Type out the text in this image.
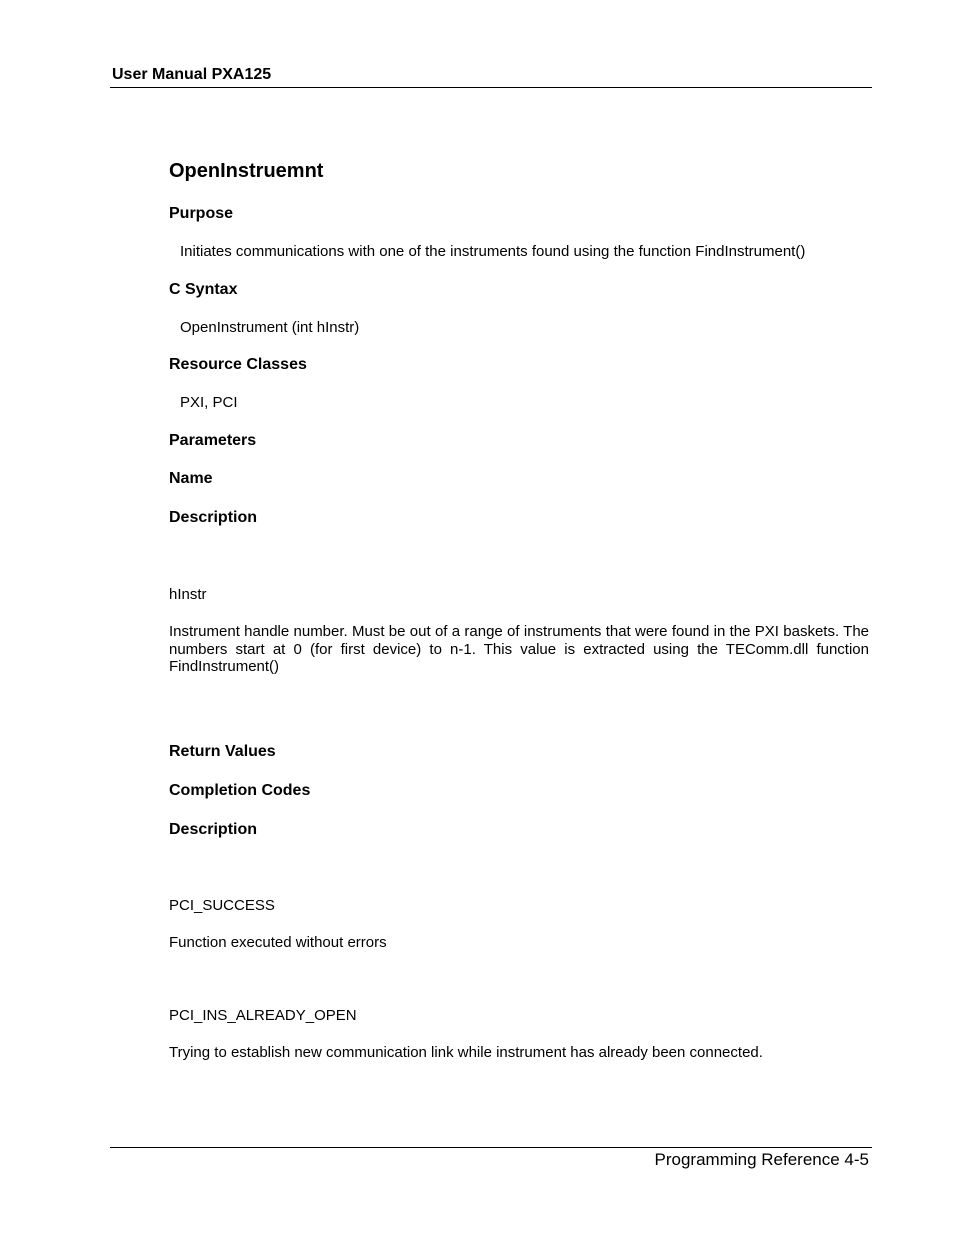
User Manual PXA125
OpenInstruemnt
Purpose
Initiates communications with one of the instruments found using the function FindInstrument()
C Syntax
OpenInstrument (int hInstr)
Resource Classes
PXI, PCI
Parameters
Name
Description
hInstr
Instrument handle number. Must be out of a range of instruments that were found in the PXI baskets. The numbers start at 0 (for first device) to n-1. This value is extracted using the TEComm.dll function FindInstrument()
Return Values
Completion Codes
Description
PCI_SUCCESS
Function executed without errors
PCI_INS_ALREADY_OPEN
Trying to establish new communication link while instrument has already been connected.
Programming Reference 4-5
